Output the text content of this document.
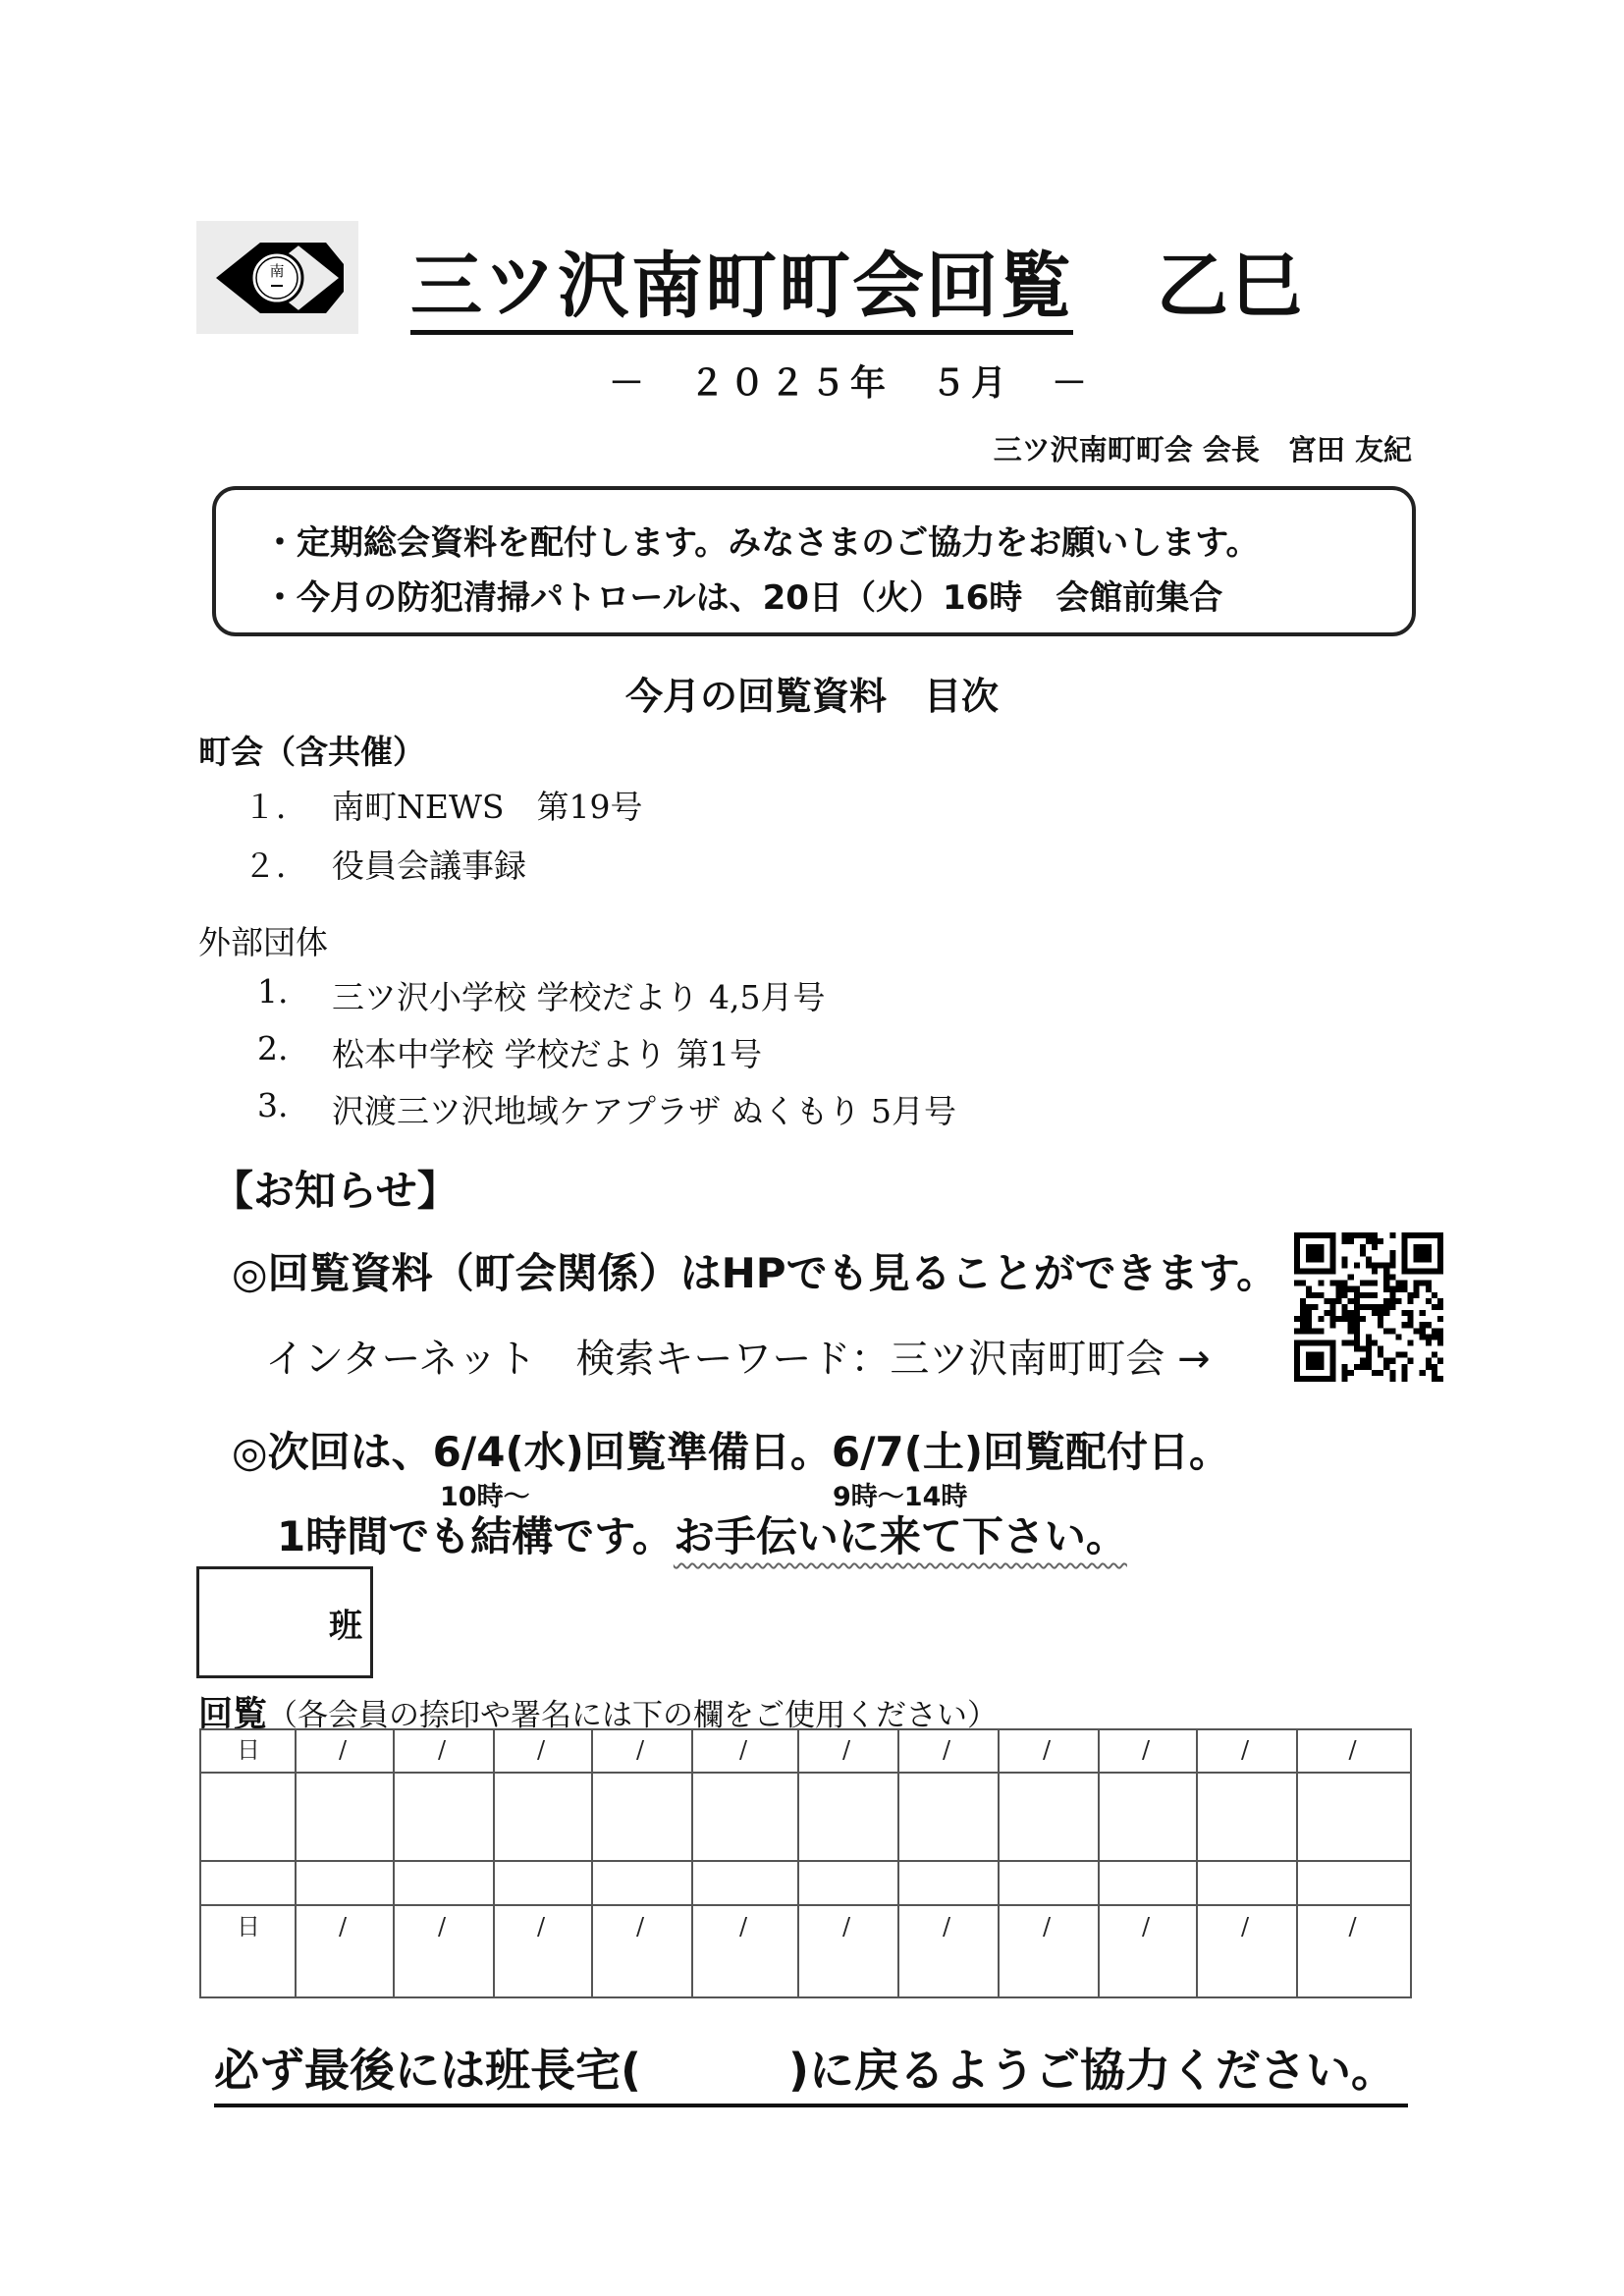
南 三ツ沢南町町会回覧 乙巳
－　２０２５年　５月　－
三ツ沢南町町会 会長　宮田 友紀
・定期総会資料を配付します。みなさまのご協力をお願いします。
・今月の防犯清掃パトロールは、20日（火）16時　会館前集合
今月の回覧資料　目次
町会（含共催）
１． 南町NEWS　第19号
２． 役員会議事録
外部団体
1. 三ツ沢小学校 学校だより 4,5月号
2. 松本中学校 学校だより 第1号
3. 沢渡三ツ沢地域ケアプラザ ぬくもり 5月号
【お知らせ】
◎回覧資料（町会関係）はHPでも見ることができます。
インターネット　検索キーワード：三ツ沢南町町会 →
◎次回は、6/4(水)回覧準備日。6/7(土)回覧配付日。
10時～	9時～14時
1時間でも結構です。お手伝いに来て下さい。
班
回覧（各会員の捺印や署名には下の欄をご使用ください）
日	/	/	/	/	/	/	/	/	/	/	/
日	/	/	/	/	/	/	/	/	/	/	/
必ず最後には班長宅(	)に戻るようご協力ください。
